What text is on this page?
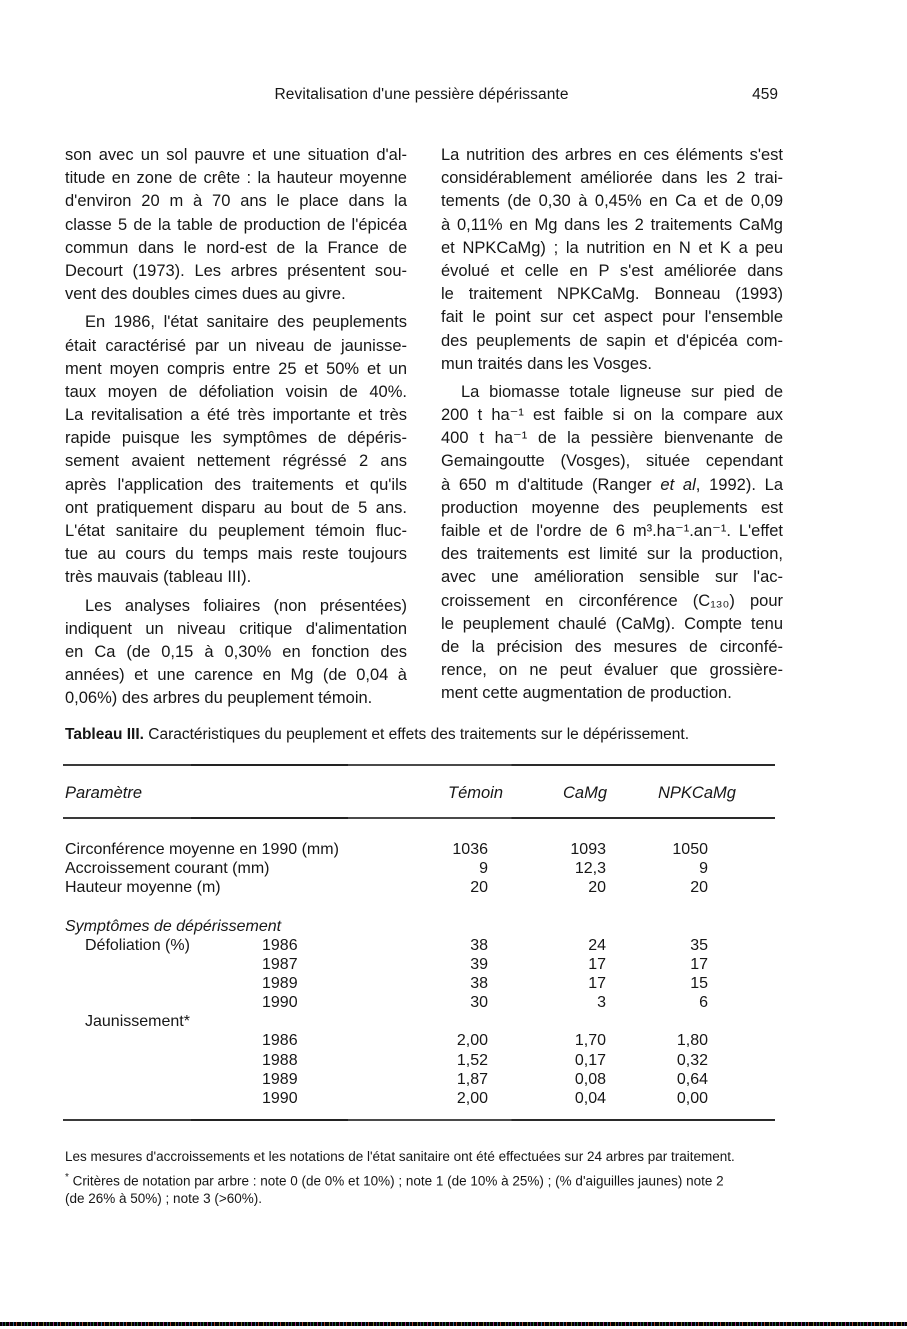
Revitalisation d'une pessière dépérissante	459
son avec un sol pauvre et une situation d'al-
titude en zone de crête : la hauteur moyenne
d'environ 20 m à 70 ans le place dans la
classe 5 de la table de production de l'épicéa
commun dans le nord-est de la France de
Decourt (1973). Les arbres présentent sou-
vent des doubles cimes dues au givre.
En 1986, l'état sanitaire des peuplements
était caractérisé par un niveau de jaunisse-
ment moyen compris entre 25 et 50% et un
taux moyen de défoliation voisin de 40%.
La revitalisation a été très importante et très
rapide puisque les symptômes de dépéris-
sement avaient nettement régréssé 2 ans
après l'application des traitements et qu'ils
ont pratiquement disparu au bout de 5 ans.
L'état sanitaire du peuplement témoin fluc-
tue au cours du temps mais reste toujours
très mauvais (tableau III).
Les analyses foliaires (non présentées)
indiquent un niveau critique d'alimentation
en Ca (de 0,15 à 0,30% en fonction des
années) et une carence en Mg (de 0,04 à
0,06%) des arbres du peuplement témoin.
La nutrition des arbres en ces éléments s'est
considérablement améliorée dans les 2 trai-
tements (de 0,30 à 0,45% en Ca et de 0,09
à 0,11% en Mg dans les 2 traitements CaMg
et NPKCaMg) ; la nutrition en N et K a peu
évolué et celle en P s'est améliorée dans
le traitement NPKCaMg. Bonneau (1993)
fait le point sur cet aspect pour l'ensemble
des peuplements de sapin et d'épicéa com-
mun traités dans les Vosges.
La biomasse totale ligneuse sur pied de
200 t ha⁻¹ est faible si on la compare aux
400 t ha⁻¹ de la pessière bienvenante de
Gemaingoutte (Vosges), située cependant
à 650 m d'altitude (Ranger et al, 1992). La
production moyenne des peuplements est
faible et de l'ordre de 6 m³.ha⁻¹.an⁻¹. L'effet
des traitements est limité sur la production,
avec une amélioration sensible sur l'ac-
croissement en circonférence (C₁₃₀) pour
le peuplement chaulé (CaMg). Compte tenu
de la précision des mesures de circonfé-
rence, on ne peut évaluer que grossière-
ment cette augmentation de production.
Tableau III. Caractéristiques du peuplement et effets des traitements sur le dépérissement.
Paramètre	Témoin	CaMg	NPKCaMg
Circonférence moyenne en 1990 (mm)	1036	1093	1050
Accroissement courant (mm)	9	12,3	9
Hauteur moyenne (m)	20	20	20
Symptômes de dépérissement
Défoliation (%)	1986	38	24	35
1987	39	17	17
1989	38	17	15
1990	30	3	6
Jaunissement*
1986	2,00	1,70	1,80
1988	1,52	0,17	0,32
1989	1,87	0,08	0,64
1990	2,00	0,04	0,00
Les mesures d'accroissements et les notations de l'état sanitaire ont été effectuées sur 24 arbres par traitement.
* Critères de notation par arbre : note 0 (de 0% et 10%) ; note 1 (de 10% à 25%) ; (% d'aiguilles jaunes) note 2
(de 26% à 50%) ; note 3 (>60%).
